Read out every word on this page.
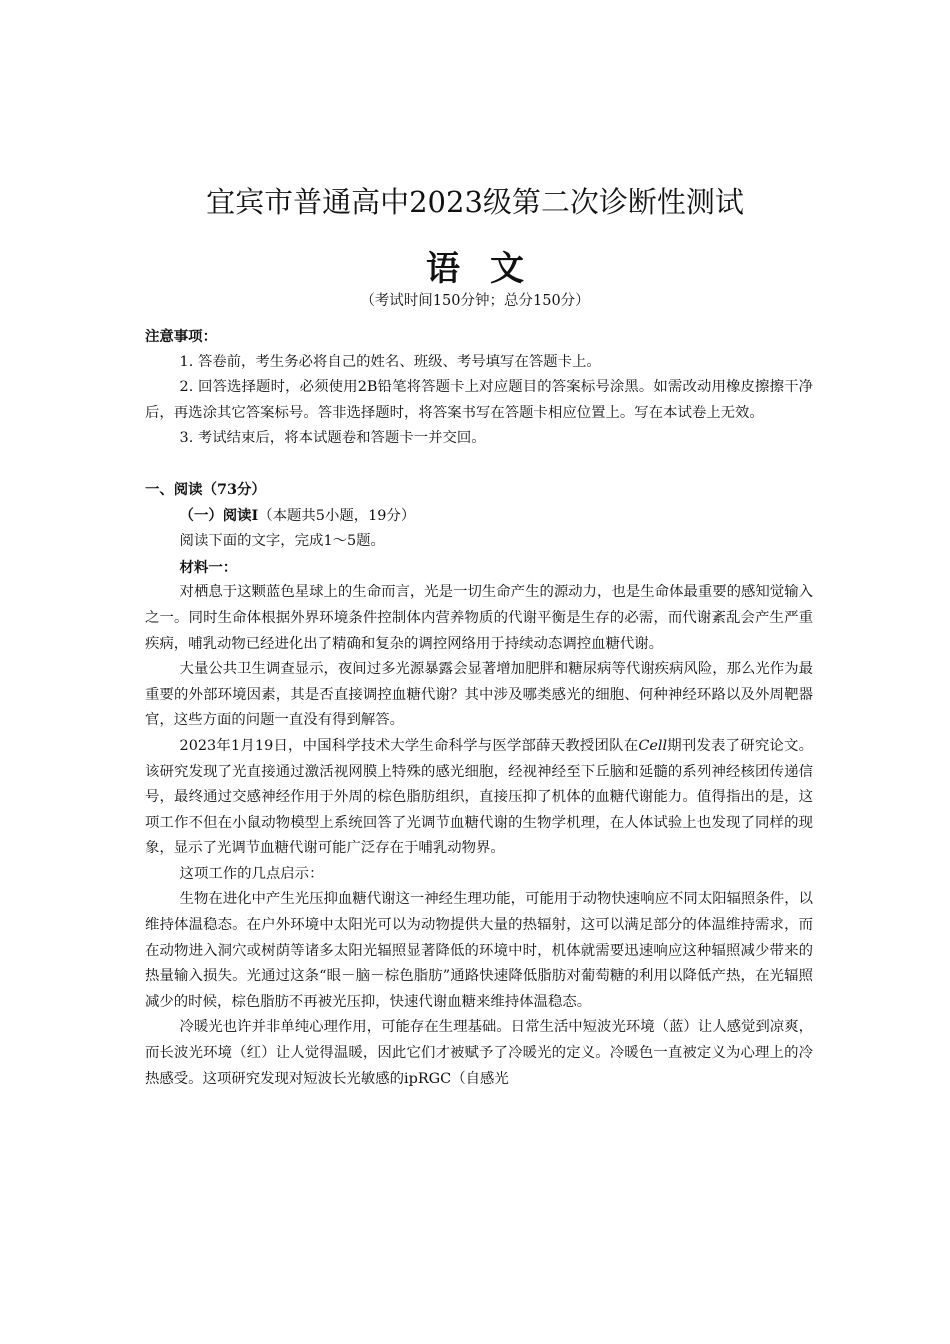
宜宾市普通高中2023级第二次诊断性测试
语文
（考试时间150分钟；总分150分）

注意事项：

1. 答卷前，考生务必将自己的姓名、班级、考号填写在答题卡上。

2. 回答选择题时，必须使用2B铅笔将答题卡上对应题目的答案标号涂黑。如需改动用橡皮擦擦干净后，再选涂其它答案标号。答非选择题时，将答案书写在答题卡相应位置上。写在本试卷上无效。

3. 考试结束后，将本试题卷和答题卡一并交回。

一、阅读（73分）

（一）阅读Ⅰ（本题共5小题，19分）

阅读下面的文字，完成1～5题。

材料一：

对栖息于这颗蓝色星球上的生命而言，光是一切生命产生的源动力，也是生命体最重要的感知觉输入之一。同时生命体根据外界环境条件控制体内营养物质的代谢平衡是生存的必需，而代谢紊乱会产生严重疾病，哺乳动物已经进化出了精确和复杂的调控网络用于持续动态调控血糖代谢。

大量公共卫生调查显示，夜间过多光源暴露会显著增加肥胖和糖尿病等代谢疾病风险，那么光作为最重要的外部环境因素，其是否直接调控血糖代谢？其中涉及哪类感光的细胞、何种神经环路以及外周靶器官，这些方面的问题一直没有得到解答。

2023年1月19日，中国科学技术大学生命科学与医学部薛天教授团队在Cell期刊发表了研究论文。该研究发现了光直接通过激活视网膜上特殊的感光细胞，经视神经至下丘脑和延髓的系列神经核团传递信号，最终通过交感神经作用于外周的棕色脂肪组织，直接压抑了机体的血糖代谢能力。值得指出的是，这项工作不但在小鼠动物模型上系统回答了光调节血糖代谢的生物学机理，在人体试验上也发现了同样的现象，显示了光调节血糖代谢可能广泛存在于哺乳动物界。

这项工作的几点启示：

生物在进化中产生光压抑血糖代谢这一神经生理功能，可能用于动物快速响应不同太阳辐照条件，以维持体温稳态。在户外环境中太阳光可以为动物提供大量的热辐射，这可以满足部分的体温维持需求，而在动物进入洞穴或树荫等诸多太阳光辐照显著降低的环境中时，机体就需要迅速响应这种辐照减少带来的热量输入损失。光通过这条“眼－脑－棕色脂肪”通路快速降低脂肪对葡萄糖的利用以降低产热，在光辐照减少的时候，棕色脂肪不再被光压抑，快速代谢血糖来维持体温稳态。

冷暖光也许并非单纯心理作用，可能存在生理基础。日常生活中短波光环境（蓝）让人感觉到凉爽，而长波光环境（红）让人觉得温暖，因此它们才被赋予了冷暖光的定义。冷暖色一直被定义为心理上的冷热感受。这项研究发现对短波长光敏感的ipRGC（自感光
